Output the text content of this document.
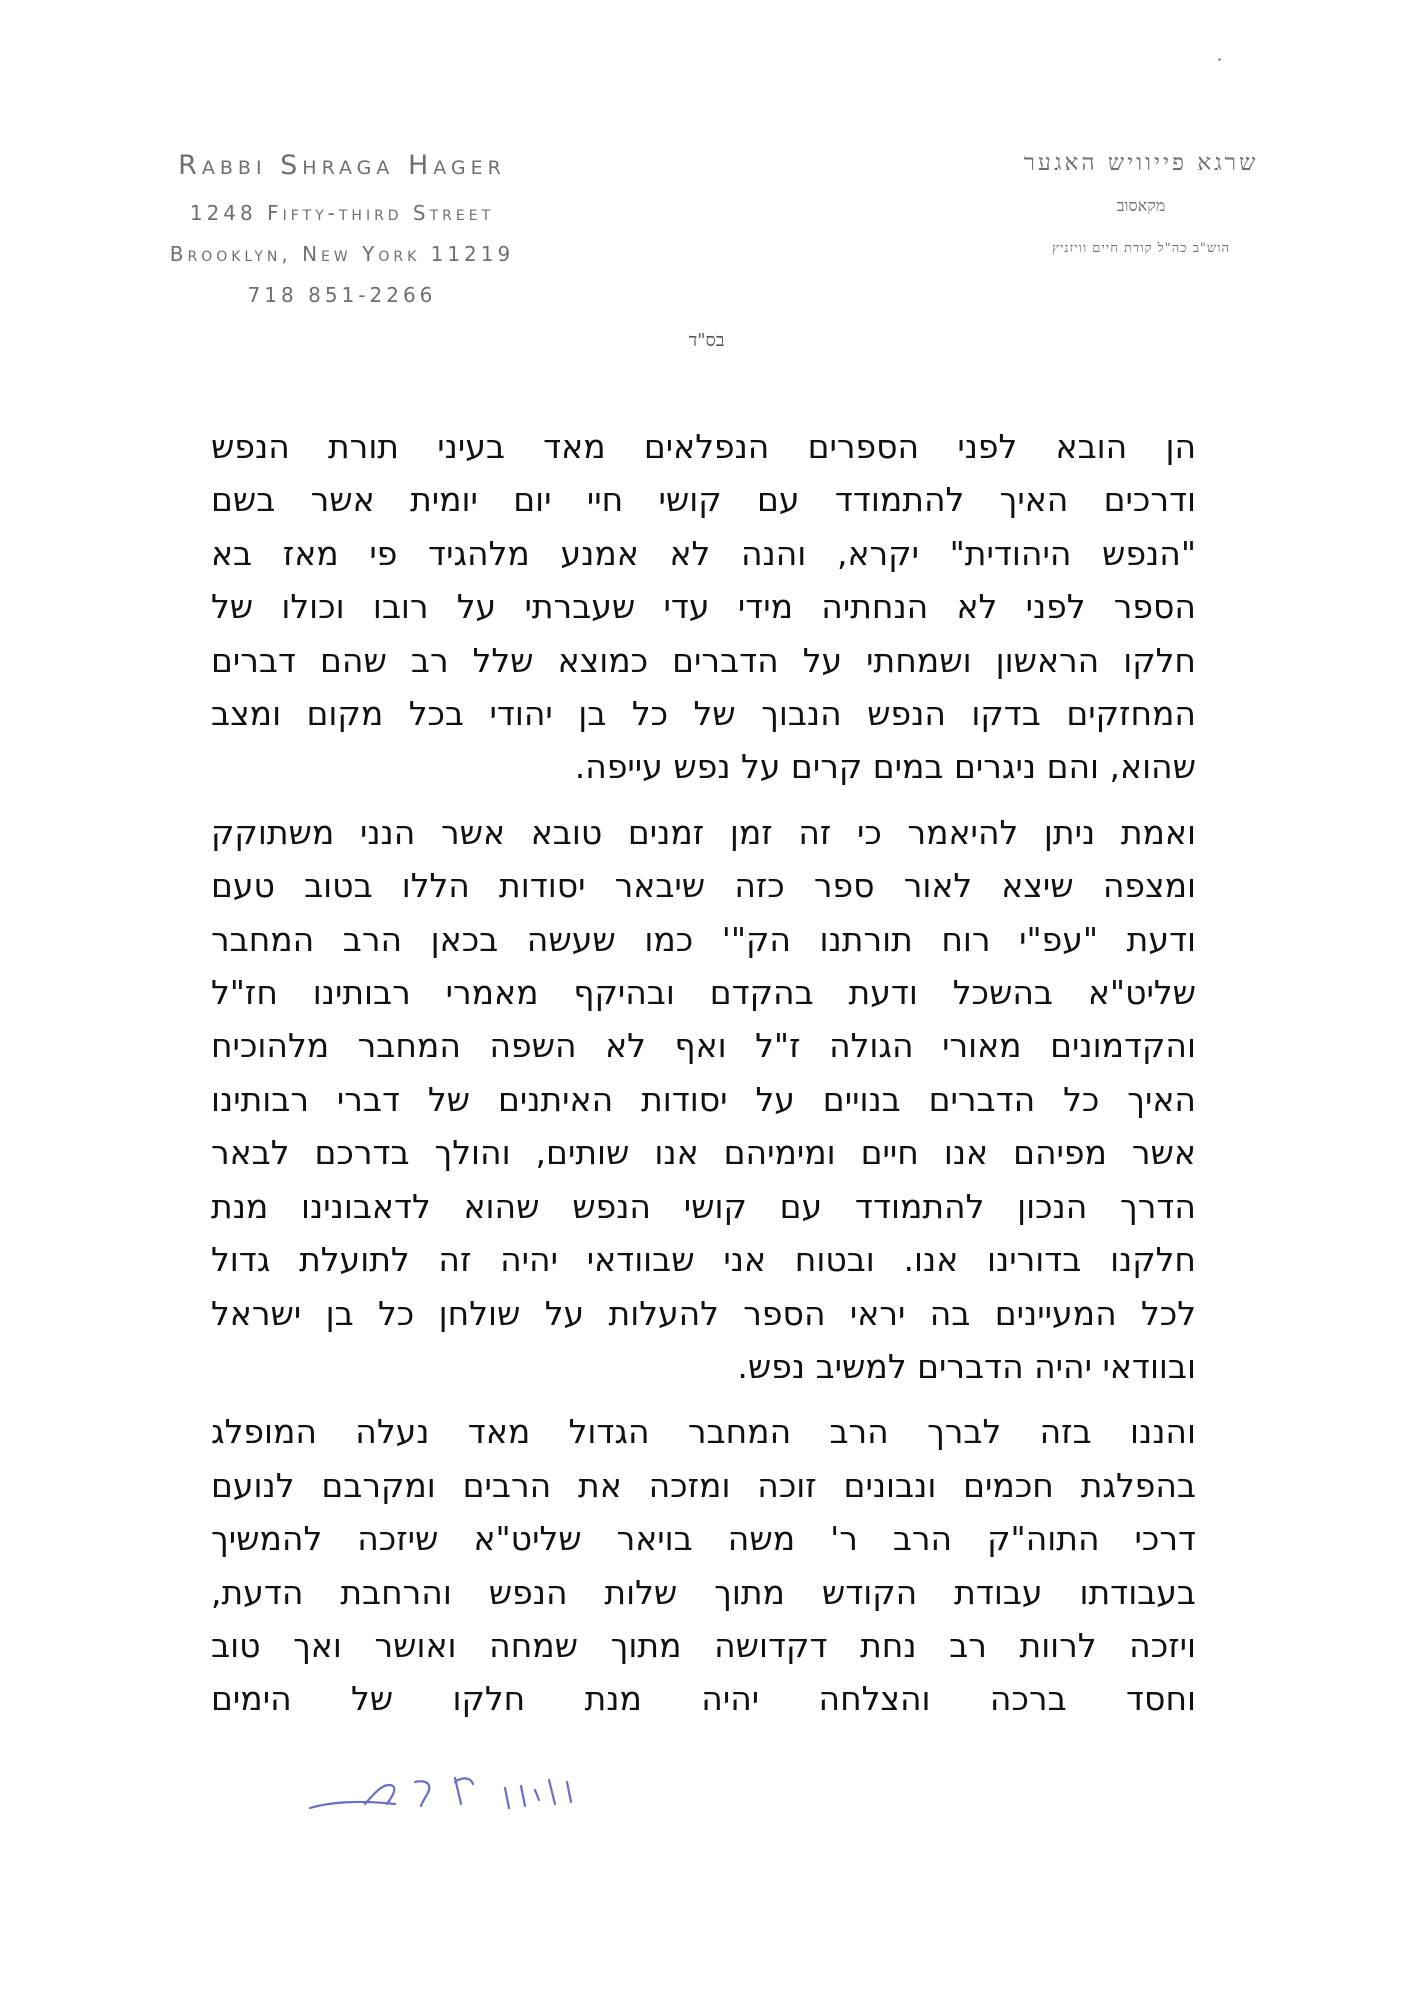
Rabbi Shraga Hager
1248 Fifty-third Street
Brooklyn, New York 11219
718 851-2266
שרגא פייוויש האגער
מקאסוב
הוש"ב כה"ל קודת חיים וויזניץ
בס"ד
הן הובא לפני הספרים הנפלאים מאד בעיני תורת הנפש
ודרכים האיך להתמודד עם קושי חיי יום יומית אשר בשם
"הנפש היהודית" יקרא, והנה לא אמנע מלהגיד פי מאז בא
הספר לפני לא הנחתיה מידי עדי שעברתי על רובו וכולו של
חלקו הראשון ושמחתי על הדברים כמוצא שלל רב שהם דברים
המחזקים בדקו הנפש הנבוך של כל בן יהודי בכל מקום ומצב
שהוא, והם ניגרים במים קרים על נפש עייפה.
ואמת ניתן להיאמר כי זה זמן זמנים טובא אשר הנני משתוקק
ומצפה שיצא לאור ספר כזה שיבאר יסודות הללו בטוב טעם
ודעת "עפ"י רוח תורתנו הק"' כמו שעשה בכאן הרב המחבר
שליט"א בהשכל ודעת בהקדם ובהיקף מאמרי רבותינו חז"ל
והקדמונים מאורי הגולה ז"ל ואף לא השפה המחבר מלהוכיח
האיך כל הדברים בנויים על יסודות האיתנים של דברי רבותינו
אשר מפיהם אנו חיים ומימיהם אנו שותים, והולך בדרכם לבאר
הדרך הנכון להתמודד עם קושי הנפש שהוא לדאבונינו מנת
חלקנו בדורינו אנו. ובטוח אני שבוודאי יהיה זה לתועלת גדול
לכל המעיינים בה יראי הספר להעלות על שולחן כל בן ישראל
ובוודאי יהיה הדברים למשיב נפש.
והננו בזה לברך הרב המחבר הגדול מאד נעלה המופלג
בהפלגת חכמים ונבונים זוכה ומזכה את הרבים ומקרבם לנועם
דרכי התוה"ק הרב ר' משה בויאר שליט"א שיזכה להמשיך
בעבודתו עבודת הקודש מתוך שלות הנפש והרחבת הדעת,
ויזכה לרוות רב נחת דקדושה מתוך שמחה ואושר ואך טוב
וחסד ברכה והצלחה יהיה מנת חלקו של הימים
